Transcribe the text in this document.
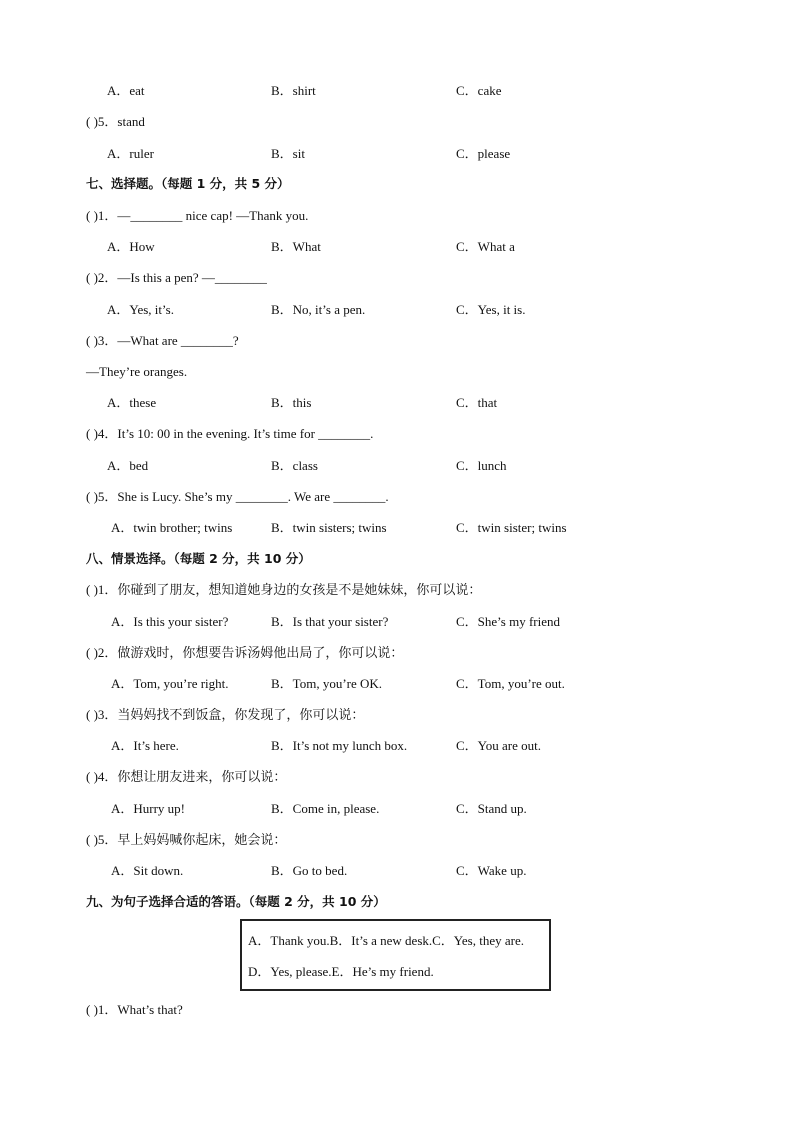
A．eat	B．shirt	C．cake
( )5．stand
A．ruler	B．sit	C．please
七、选择题。（每题 1 分，共 5 分）
( )1．—________ nice cap! —Thank you.
A．How	B．What	C．What a
( )2．—Is this a pen? —________
A．Yes, it’s.	B．No, it’s a pen.	C．Yes, it is.
( )3．—What are ________?
—They’re oranges.
A．these	B．this	C．that
( )4．It’s 10: 00 in the evening. It’s time for ________.
A．bed	B．class	C．lunch
( )5．She is Lucy. She’s my ________. We are ________.
A．twin brother; twins	B．twin sisters; twins	C．twin sister; twins
八、情景选择。（每题 2 分，共 10 分）
( )1．你碰到了朋友，想知道她身边的女孩是不是她妹妹，你可以说：
A．Is this your sister?	B．Is that your sister?	C．She’s my friend
( )2．做游戏时，你想要告诉汤姆他出局了，你可以说：
A．Tom, you’re right.	B．Tom, you’re OK.	C．Tom, you’re out.
( )3．当妈妈找不到饭盒，你发现了，你可以说：
A．It’s here.	B．It’s not my lunch box.	C．You are out.
( )4．你想让朋友进来，你可以说：
A．Hurry up!	B．Come in, please.	C．Stand up.
( )5．早上妈妈喊你起床，她会说：
A．Sit down.	B．Go to bed.	C．Wake up.
九、为句子选择合适的答语。（每题 2 分，共 10 分）
A．Thank you.B．It’s a new desk.C．Yes, they are.
D．Yes, please.E．He’s my friend.
( )1．What’s that?
